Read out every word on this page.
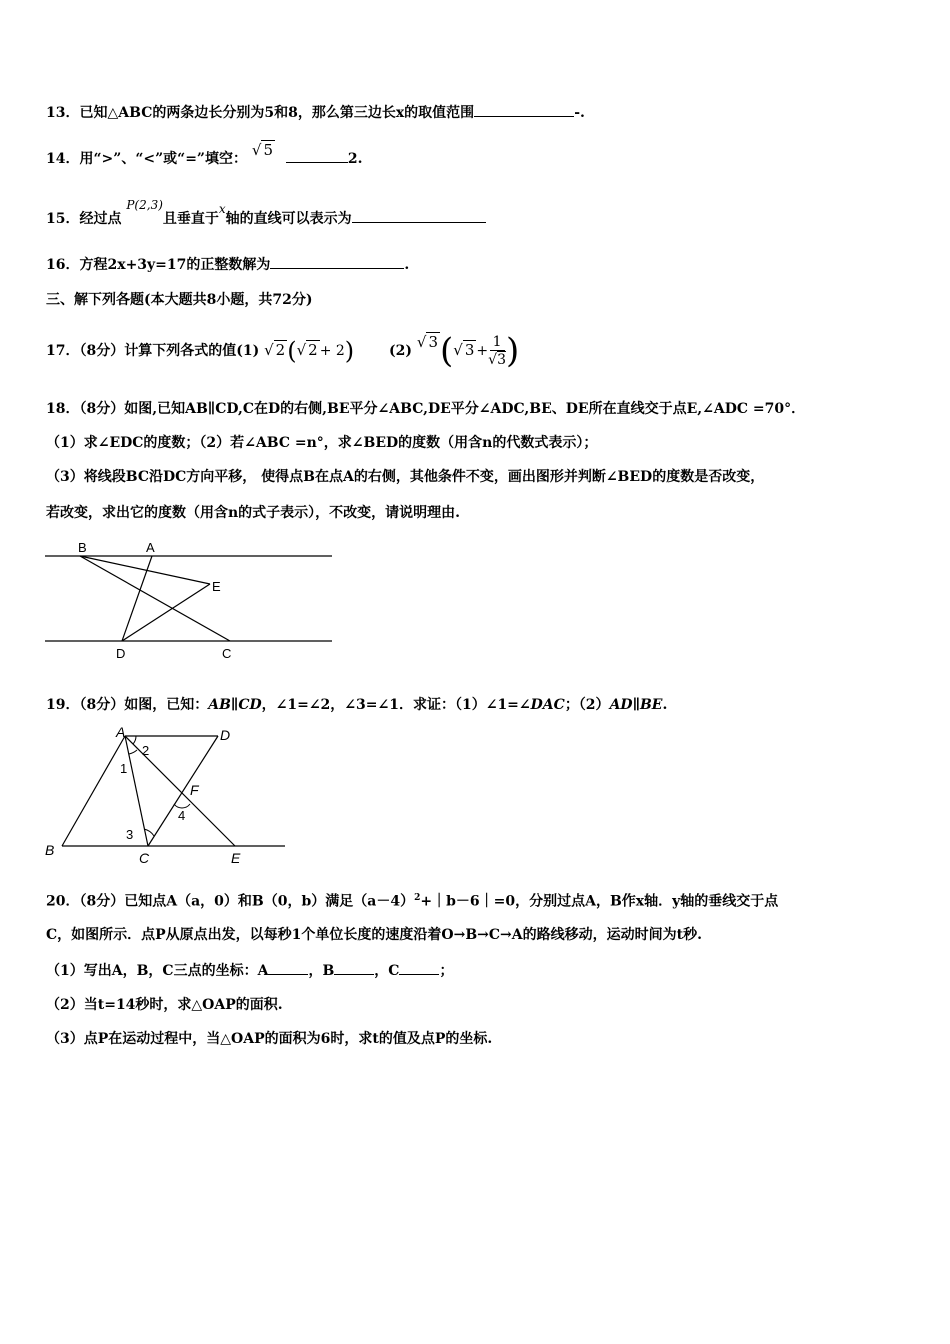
13．已知△ABC的两条边长分别为5和8，那么第三边长x的取值范围	-.
14．用“>”、“<”或“=”填空： √ 5	2.
15．经过点 P(2,3)且垂直于x轴的直线可以表示为
16．方程2x+3y=17的正整数解为	.
三、解下列各题(本大题共8小题，共72分)
17．（8分）计算下列各式的值(1) √ 2(√ 2 + 2) (2) √ 3(√ $3 + \frac{1}{√3}$ )
18．（8分）如图,已知AB∥CD,C在D的右侧,BE平分∠ABC,DE平分∠ADC,BE、DE所在直线交于点E,∠ADC =70°．
（1）求∠EDC的度数；（2）若∠ABC =n°，求∠BED的度数（用含n的代数式表示）；
（3）将线段BC沿DC方向平移， 使得点B在点A的右侧，其他条件不变，画出图形并判断∠BED的度数是否改变，
若改变，求出它的度数（用含n的式子表示），不改变，请说明理由.
B	A
E
D	C
19．（8分）如图，已知：AB∥CD，∠1=∠2，∠3=∠1．求证：（1）∠1=∠DAC；（2）AD∥BE.
A	D
B	C	E
F
1
2
3
4
20．（8分）已知点A（a，0）和B（0，b）满足$(a-4)^2+|b-6|=0$，分别过点A，B作x轴．y轴的垂线交于点
C，如图所示．点P从原点出发，以每秒1个单位长度的速度沿着O→B→C→A的路线移动，运动时间为t秒.
（1）写出A，B，C三点的坐标：A	，B	，C	；
（2）当t=14秒时，求△OAP的面积.
（3）点P在运动过程中，当△OAP的面积为6时，求t的值及点P的坐标.
